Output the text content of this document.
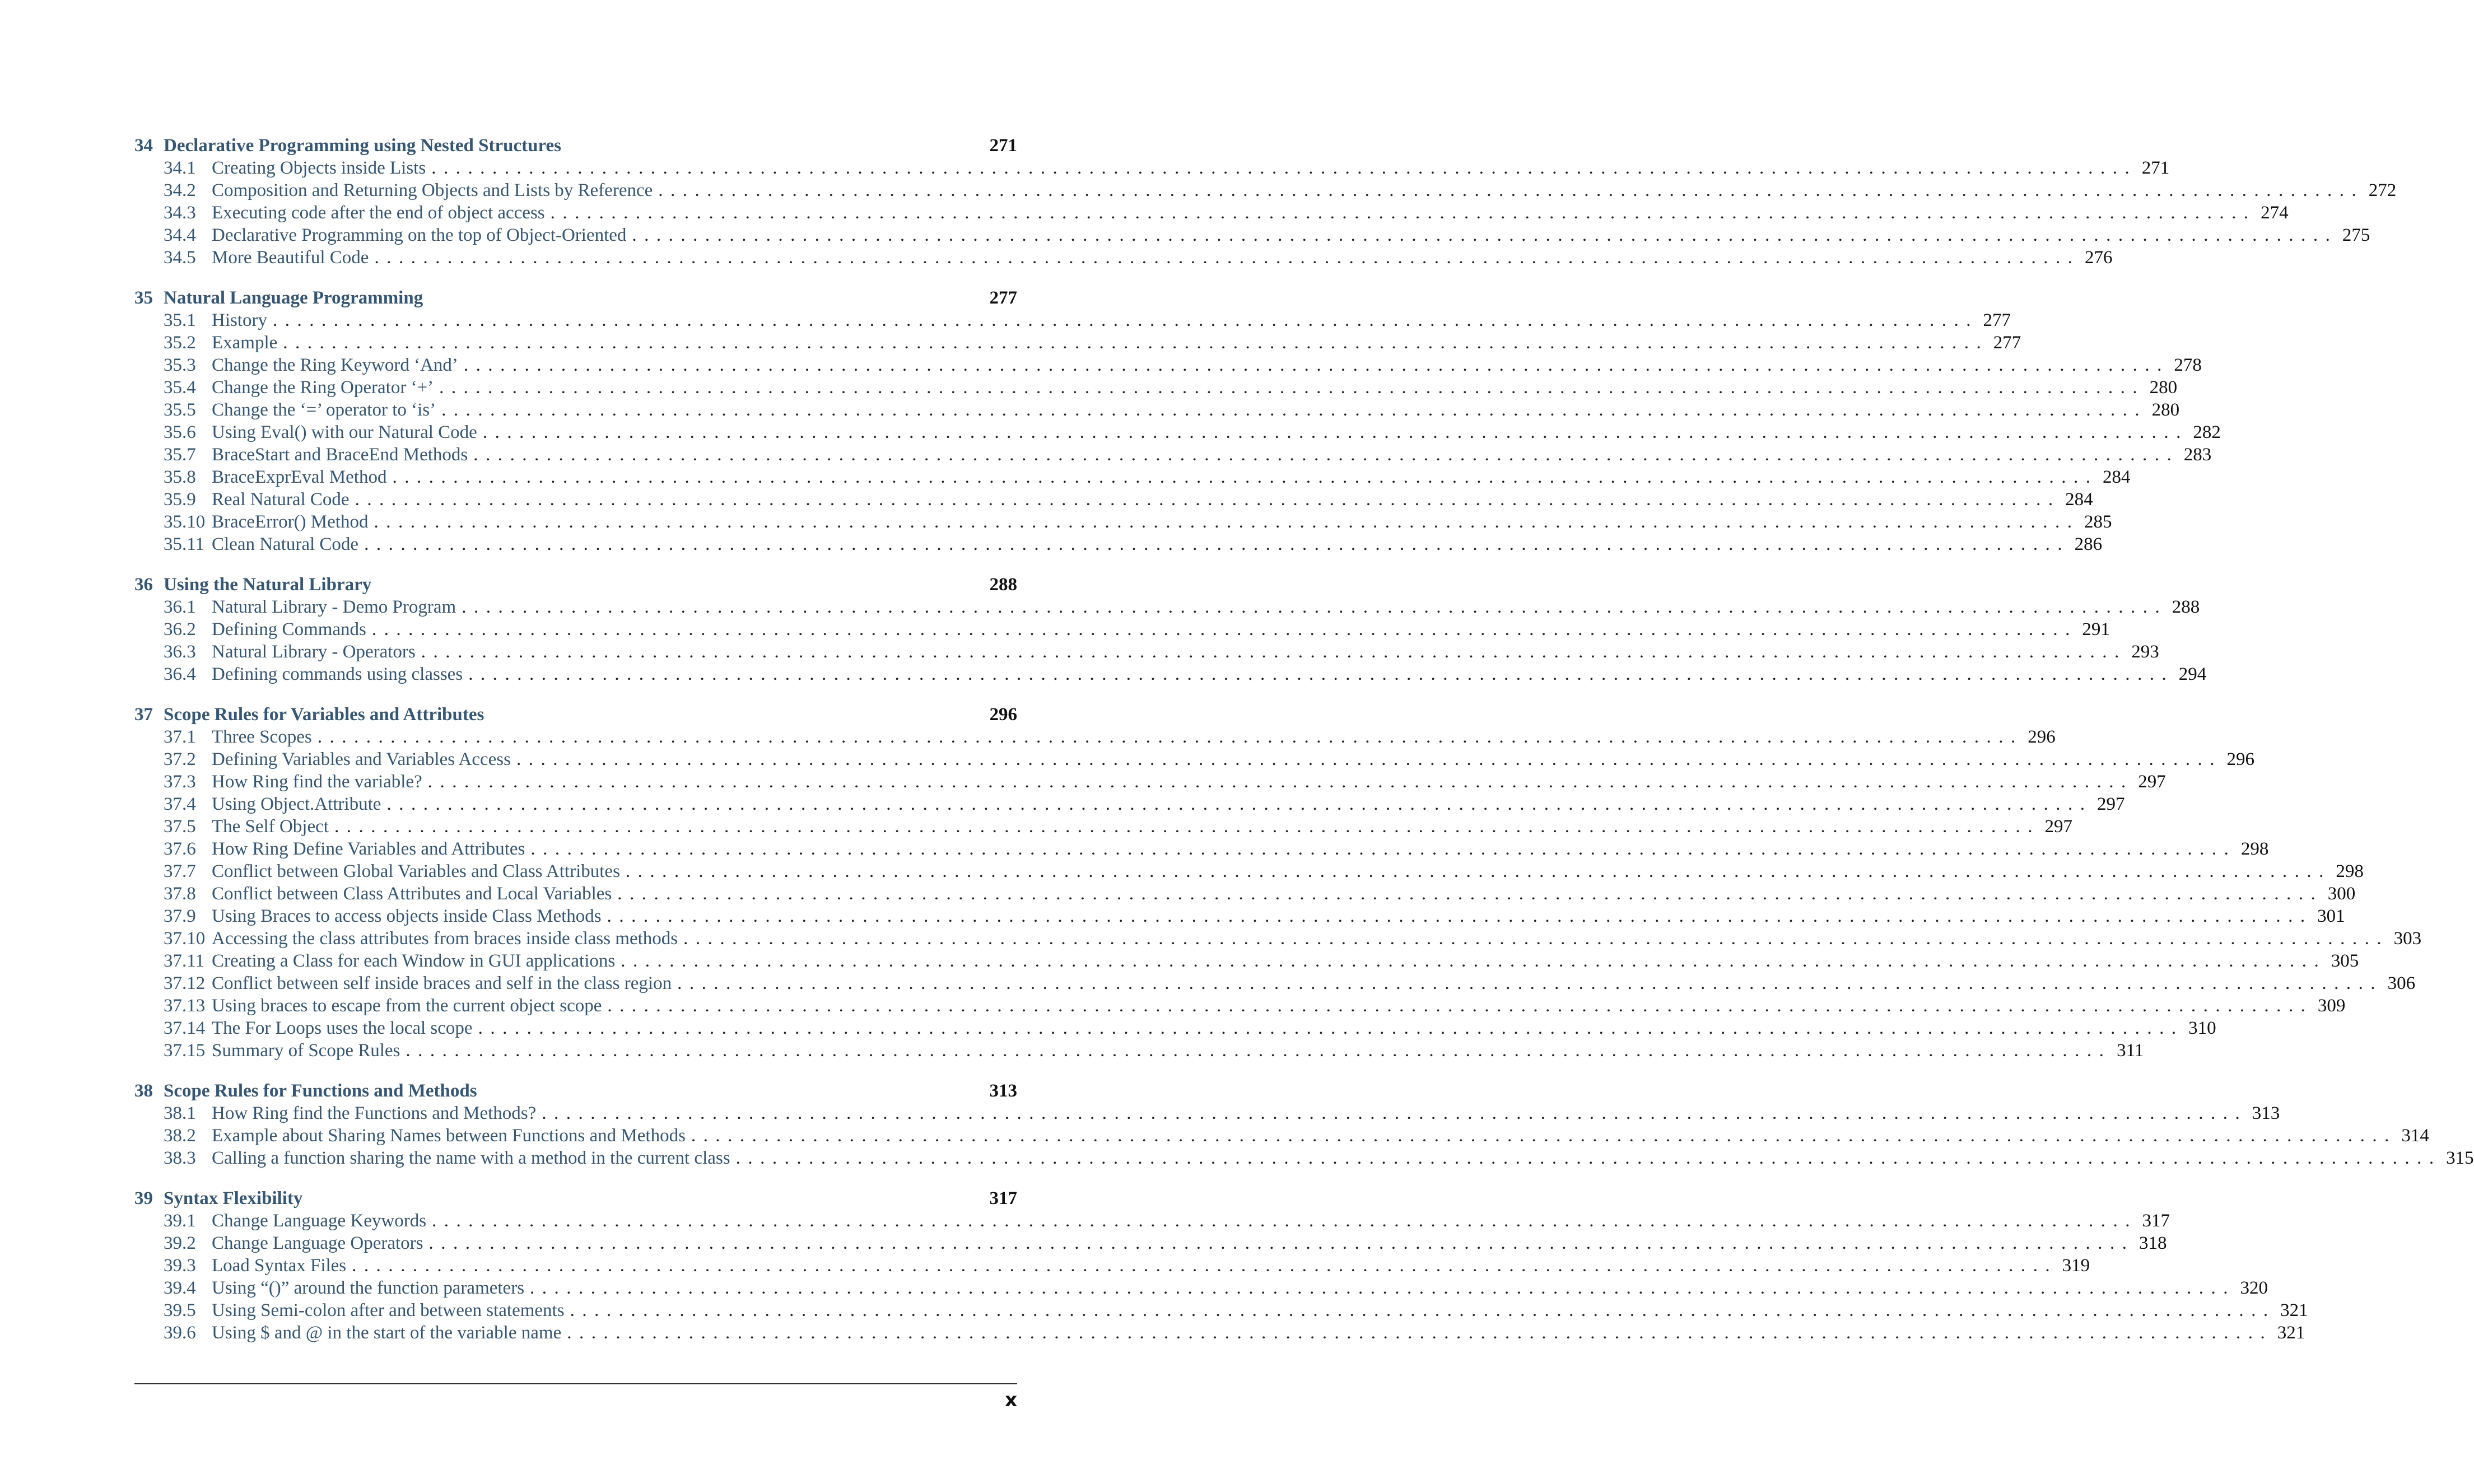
34 Declarative Programming using Nested Structures	271
34.1 Creating Objects inside Lists ............................................................................................................................................ 271
34.2 Composition and Returning Objects and Lists by Reference ............................................................................................................................................ 272
34.3 Executing code after the end of object access ............................................................................................................................................ 274
34.4 Declarative Programming on the top of Object-Oriented ............................................................................................................................................ 275
34.5 More Beautiful Code ............................................................................................................................................ 276
35 Natural Language Programming	277
35.1 History ............................................................................................................................................ 277
35.2 Example ............................................................................................................................................ 277
35.3 Change the Ring Keyword ‘And’ ............................................................................................................................................ 278
35.4 Change the Ring Operator ‘+’ ............................................................................................................................................ 280
35.5 Change the ‘=’ operator to ‘is’ ............................................................................................................................................ 280
35.6 Using Eval() with our Natural Code ............................................................................................................................................ 282
35.7 BraceStart and BraceEnd Methods ............................................................................................................................................ 283
35.8 BraceExprEval Method ............................................................................................................................................ 284
35.9 Real Natural Code ............................................................................................................................................ 284
35.10 BraceError() Method ............................................................................................................................................ 285
35.11 Clean Natural Code ............................................................................................................................................ 286
36 Using the Natural Library	288
36.1 Natural Library - Demo Program ............................................................................................................................................ 288
36.2 Defining Commands ............................................................................................................................................ 291
36.3 Natural Library - Operators ............................................................................................................................................ 293
36.4 Defining commands using classes ............................................................................................................................................ 294
37 Scope Rules for Variables and Attributes	296
37.1 Three Scopes ............................................................................................................................................ 296
37.2 Defining Variables and Variables Access ............................................................................................................................................ 296
37.3 How Ring find the variable? ............................................................................................................................................ 297
37.4 Using Object.Attribute ............................................................................................................................................ 297
37.5 The Self Object ............................................................................................................................................ 297
37.6 How Ring Define Variables and Attributes ............................................................................................................................................ 298
37.7 Conflict between Global Variables and Class Attributes ............................................................................................................................................ 298
37.8 Conflict between Class Attributes and Local Variables ............................................................................................................................................ 300
37.9 Using Braces to access objects inside Class Methods ............................................................................................................................................ 301
37.10 Accessing the class attributes from braces inside class methods ............................................................................................................................................ 303
37.11 Creating a Class for each Window in GUI applications ............................................................................................................................................ 305
37.12 Conflict between self inside braces and self in the class region ............................................................................................................................................ 306
37.13 Using braces to escape from the current object scope ............................................................................................................................................ 309
37.14 The For Loops uses the local scope ............................................................................................................................................ 310
37.15 Summary of Scope Rules ............................................................................................................................................ 311
38 Scope Rules for Functions and Methods	313
38.1 How Ring find the Functions and Methods? ............................................................................................................................................ 313
38.2 Example about Sharing Names between Functions and Methods ............................................................................................................................................ 314
38.3 Calling a function sharing the name with a method in the current class ............................................................................................................................................ 315
39 Syntax Flexibility	317
39.1 Change Language Keywords ............................................................................................................................................ 317
39.2 Change Language Operators ............................................................................................................................................ 318
39.3 Load Syntax Files ............................................................................................................................................ 319
39.4 Using “()” around the function parameters ............................................................................................................................................ 320
39.5 Using Semi-colon after and between statements ............................................................................................................................................ 321
39.6 Using $ and @ in the start of the variable name ............................................................................................................................................ 321
x
